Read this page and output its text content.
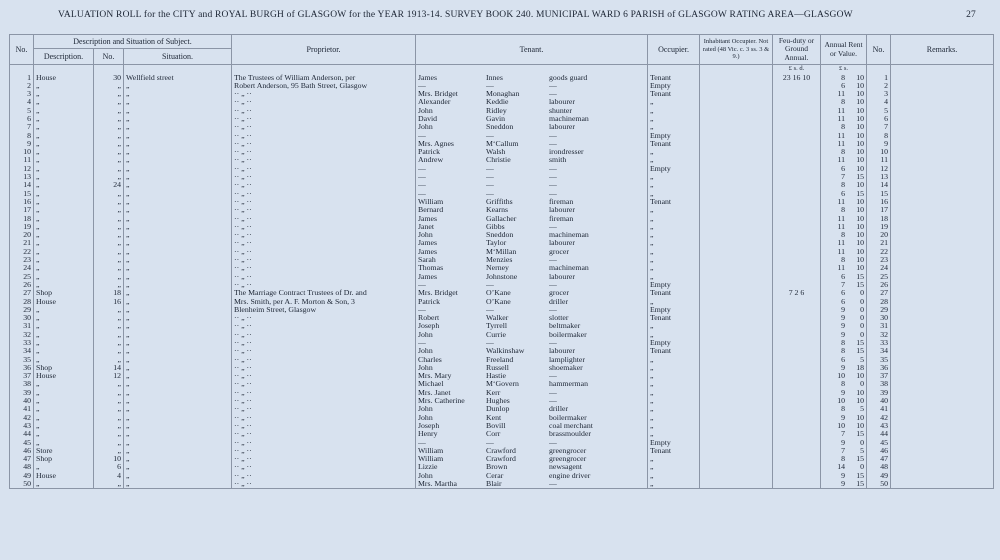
VALUATION ROLL for the CITY and ROYAL BURGH of GLASGOW for the YEAR 1913-14. SURVEY BOOK 240. MUNICIPAL WARD 6 PARISH of GLASGOW RATING AREA—GLASGOW	27
No.	Description and Situation of Subject.			Proprietor.	Tenant.	Occupier.	Inhabitant Occupier. Not rated (48 Vic. c. 3 ss. 3 & 9.)	Feu-duty or Ground Annual.	Annual Rent or Value.	No.	Remarks.
	Description.	No.	Situation.								
								£ s. d.	£ s.		
1	House	30	Wellfield street	The Trustees of William Anderson, per	James Innes goods guard	Tenant		23 16 10	8 10	1	
2	„	„	„	Robert Anderson, 95 Bath Street, Glasgow	— — —	Empty			6 10	2	
3	„	„	„	·· „ ··	Mrs. Bridget Monaghan —	Tenant			11 10	3	
4	„	„	„	·· „ ··	Alexander Keddie labourer	„			8 10	4	
5	„	„	„	·· „ ··	John Ridley shunter	„			11 10	5	
6	„	„	„	·· „ ··	David Gavin machineman	„			11 10	6	
7	„	„	„	·· „ ··	John Sneddon labourer	„			8 10	7	
8	„	„	„	·· „ ··	— — —	Empty			11 10	8	
9	„	„	„	·· „ ··	Mrs. Agnes M‘Callum —	Tenant			11 10	9	
10	„	„	„	·· „ ··	Patrick Walsh irondresser	„			8 10	10	
11	„	„	„	·· „ ··	Andrew Christie smith	„			11 10	11	
12	„	„	„	·· „ ··	— — —	Empty			6 10	12	
13	„	„	„	·· „ ··	— — —	„			7 15	13	
14	„	24	„	·· „ ··	— — —	„			8 10	14	
15	„	„	„	·· „ ··	— — —	„			6 15	15	
16	„	„	„	·· „ ··	William Griffiths fireman	Tenant			11 10	16	
17	„	„	„	·· „ ··	Bernard Kearns labourer	„			8 10	17	
18	„	„	„	·· „ ··	James Gallacher fireman	„			11 10	18	
19	„	„	„	·· „ ··	Janet Gibbs —	„			11 10	19	
20	„	„	„	·· „ ··	John Sneddon machineman	„			8 10	20	
21	„	„	„	·· „ ··	James Taylor labourer	„			11 10	21	
22	„	„	„	·· „ ··	James M‘Millan grocer	„			11 10	22	
23	„	„	„	·· „ ··	Sarah Menzies —	„			8 10	23	
24	„	„	„	·· „ ··	Thomas Nerney machineman	„			11 10	24	
25	„	„	„	·· „ ··	James Johnstone labourer	„			6 15	25	
26	„	„	„	·· „ ··	— — —	Empty			7 15	26	
27	Shop	18	„	The Marriage Contract Trustees of Dr. and	Mrs. Bridget O’Kane grocer	Tenant		7 2 6	6 0	27	
28	House	16	„	Mrs. Smith, per A. F. Morton & Son, 3	Patrick O’Kane driller	„			6 0	28	
29	„	„	„	Blenheim Street, Glasgow	— — —	Empty			9 0	29	
30	„	„	„	·· „ ··	Robert Walker slotter	Tenant			9 0	30	
31	„	„	„	·· „ ··	Joseph Tyrrell beltmaker	„			9 0	31	
32	„	„	„	·· „ ··	John Currie boilermaker	„			9 0	32	
33	„	„	„	·· „ ··	— — —	Empty			8 15	33	
34	„	„	„	·· „ ··	John Walkinshaw labourer	Tenant			8 15	34	
35	„	„	„	·· „ ··	Charles Freeland lamplighter	„			6 5	35	
36	Shop	14	„	·· „ ··	John Russell shoemaker	„			9 18	36	
37	House	12	„	·· „ ··	Mrs. Mary Hastie —	„			10 10	37	
38	„	„	„	·· „ ··	Michael M‘Govern hammerman	„			8 0	38	
39	„	„	„	·· „ ··	Mrs. Janet Kerr —	„			9 10	39	
40	„	„	„	·· „ ··	Mrs. Catherine Hughes —	„			10 10	40	
41	„	„	„	·· „ ··	John Dunlop driller	„			8 5	41	
42	„	„	„	·· „ ··	John Kent boilermaker	„			9 10	42	
43	„	„	„	·· „ ··	Joseph Bovill coal merchant	„			10 10	43	
44	„	„	„	·· „ ··	Henry Corr brassmoulder	„			7 15	44	
45	„	„	„	·· „ ··	— — —	Empty			9 0	45	
46	Store	„	„	·· „ ··	William Crawford greengrocer	Tenant			7 5	46	
47	Shop	10	„	·· „ ··	William Crawford greengrocer	„			8 15	47	
48	„	6	„	·· „ ··	Lizzie Brown newsagent	„			14 0	48	
49	House	4	„	·· „ ··	John Cerar engine driver	„			9 15	49	
50	„	„	„	·· „ ··	Mrs. Martha Blair —	„			9 15	50	
